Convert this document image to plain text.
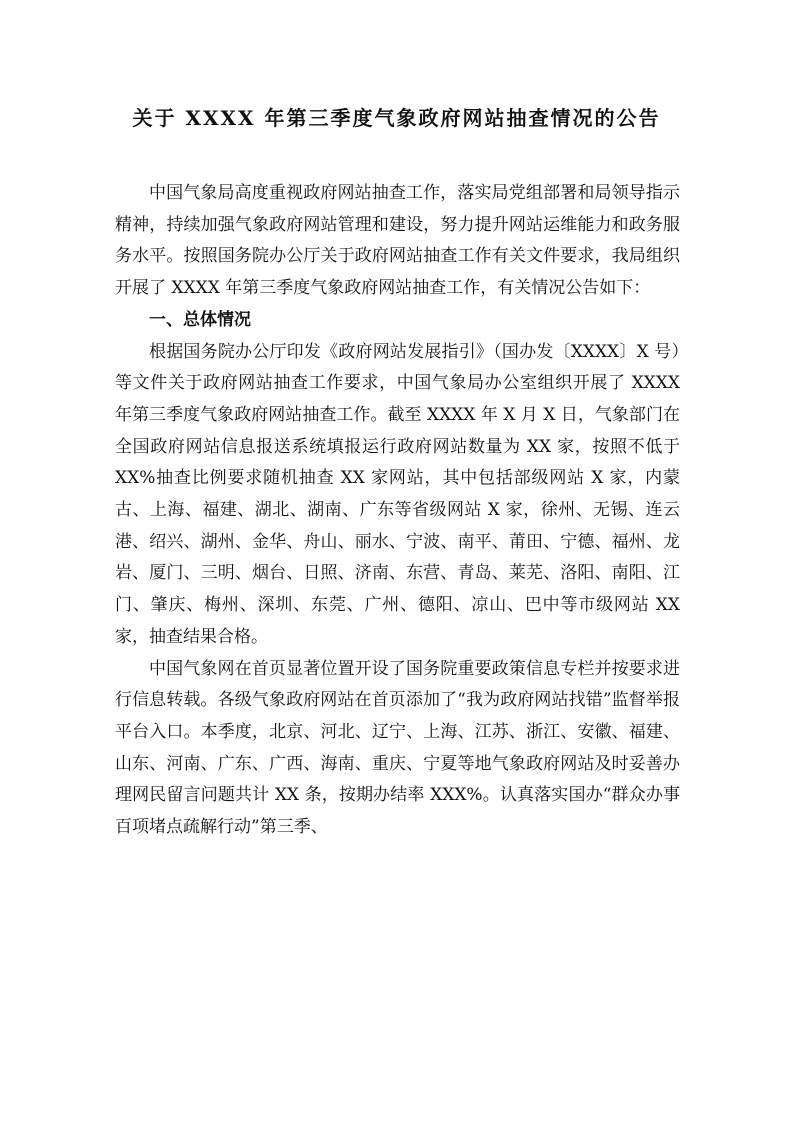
关于 XXXX 年第三季度气象政府网站抽查情况的公告

中国气象局高度重视政府网站抽查工作，落实局党组部署和局领导指示精神，持续加强气象政府网站管理和建设，努力提升网站运维能力和政务服务水平。按照国务院办公厅关于政府网站抽查工作有关文件要求，我局组织开展了 XXXX 年第三季度气象政府网站抽查工作，有关情况公告如下：

一、总体情况

根据国务院办公厅印发《政府网站发展指引》（国办发〔XXXX〕X 号）等文件关于政府网站抽查工作要求，中国气象局办公室组织开展了 XXXX 年第三季度气象政府网站抽查工作。截至 XXXX 年 X 月 X 日，气象部门在全国政府网站信息报送系统填报运行政府网站数量为 XX 家，按照不低于 XX%抽查比例要求随机抽查 XX 家网站，其中包括部级网站 X 家，内蒙古、上海、福建、湖北、湖南、广东等省级网站 X 家，徐州、无锡、连云港、绍兴、湖州、金华、舟山、丽水、宁波、南平、莆田、宁德、福州、龙岩、厦门、三明、烟台、日照、济南、东营、青岛、莱芜、洛阳、南阳、江门、肇庆、梅州、深圳、东莞、广州、德阳、凉山、巴中等市级网站 XX 家，抽查结果合格。

中国气象网在首页显著位置开设了国务院重要政策信息专栏并按要求进行信息转载。各级气象政府网站在首页添加了“我为政府网站找错”监督举报平台入口。本季度，北京、河北、辽宁、上海、江苏、浙江、安徽、福建、山东、河南、广东、广西、海南、重庆、宁夏等地气象政府网站及时妥善办理网民留言问题共计 XX 条，按期办结率 XXX%。认真落实国办“群众办事百项堵点疏解行动”第三季、
